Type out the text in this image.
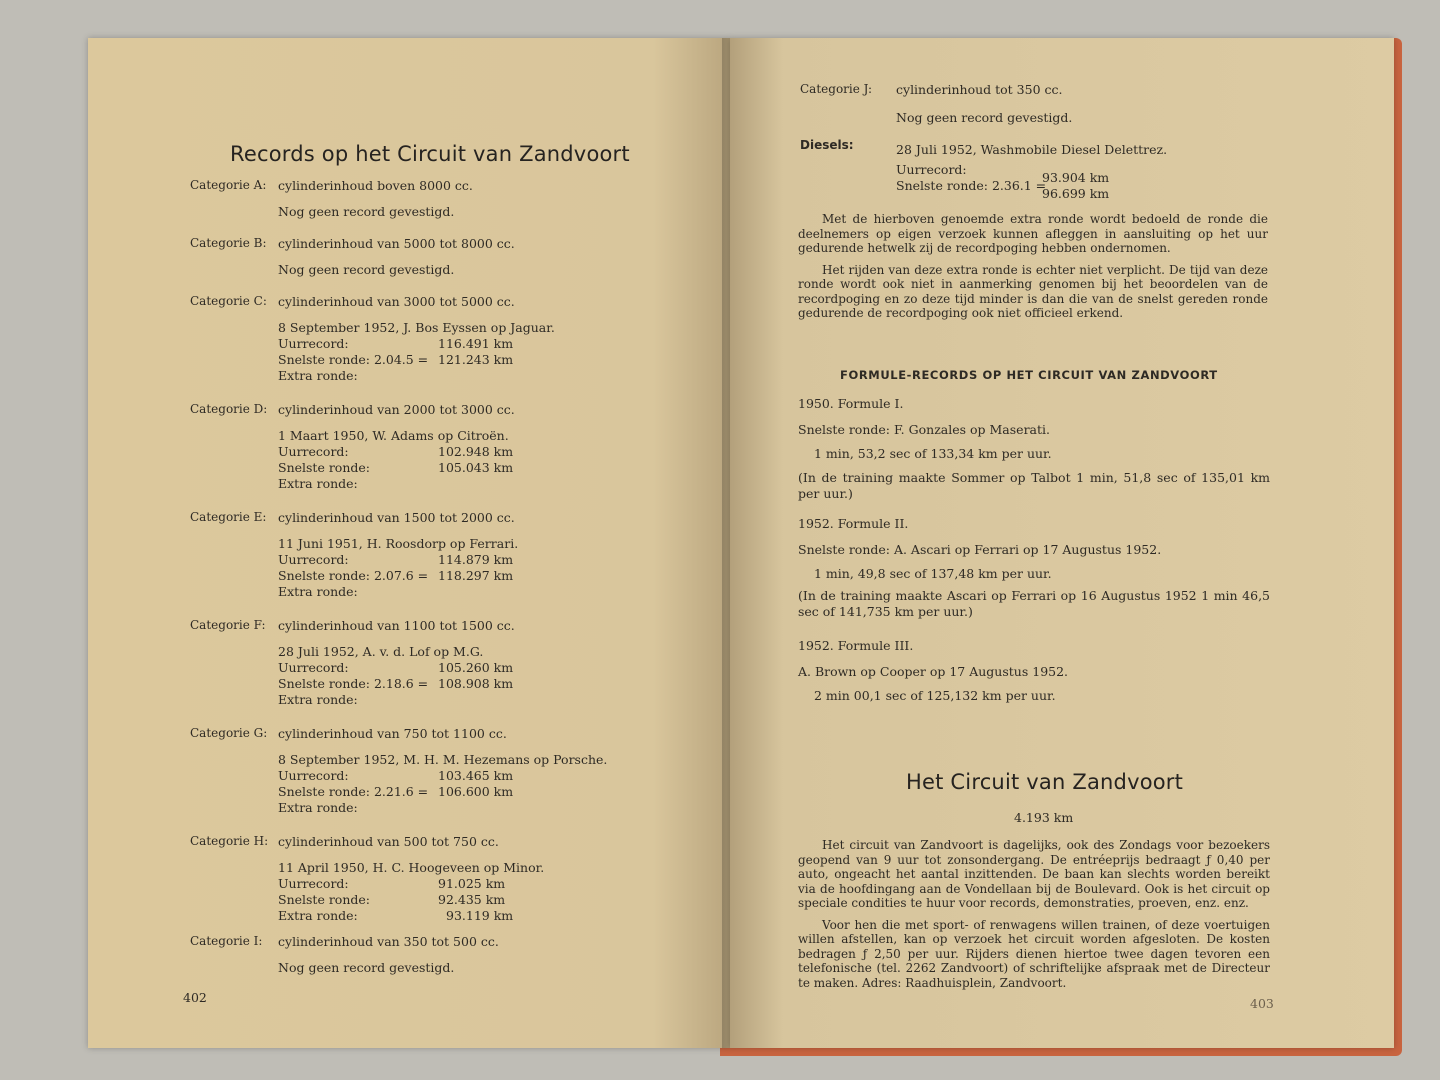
Records op het Circuit van Zandvoort
Categorie A: cylinderinhoud boven 8000 cc.
Nog geen record gevestigd.
Categorie B: cylinderinhoud van 5000 tot 8000 cc.
Nog geen record gevestigd.
Categorie C: cylinderinhoud van 3000 tot 5000 cc.
8 September 1952, J. Bos Eyssen op Jaguar.
Uurrecord:	116.491 km
Snelste ronde: 2.04.5 = 121.243 km
Extra ronde:
Categorie D: cylinderinhoud van 2000 tot 3000 cc.
1 Maart 1950, W. Adams op Citroën.
Uurrecord:	102.948 km
Snelste ronde:	105.043 km
Extra ronde:
Categorie E: cylinderinhoud van 1500 tot 2000 cc.
11 Juni 1951, H. Roosdorp op Ferrari.
Uurrecord:	114.879 km
Snelste ronde: 2.07.6 = 118.297 km
Extra ronde:
Categorie F: cylinderinhoud van 1100 tot 1500 cc.
28 Juli 1952, A. v. d. Lof op M.G.
Uurrecord:	105.260 km
Snelste ronde: 2.18.6 = 108.908 km
Extra ronde:
Categorie G: cylinderinhoud van 750 tot 1100 cc.
8 September 1952, M. H. M. Hezemans op Porsche.
Uurrecord:	103.465 km
Snelste ronde: 2.21.6 = 106.600 km
Extra ronde:
Categorie H: cylinderinhoud van 500 tot 750 cc.
11 April 1950, H. C. Hoogeveen op Minor.
Uurrecord:	91.025 km
Snelste ronde:	92.435 km
Extra ronde:	93.119 km
Categorie I: cylinderinhoud van 350 tot 500 cc.
Nog geen record gevestigd.
402
Categorie J: cylinderinhoud tot 350 cc.
Nog geen record gevestigd.
Diesels:	28 Juli 1952, Washmobile Diesel Delettrez.
Uurrecord:
93.904 km
Snelste ronde: 2.36.1 =
96.699 km

Met de hierboven genoemde extra ronde wordt bedoeld de ronde die deelnemers op eigen verzoek kunnen afleggen in aansluiting op het uur gedurende hetwelk zij de recordpoging hebben ondernomen.

Het rijden van deze extra ronde is echter niet verplicht. De tijd van deze ronde wordt ook niet in aanmerking genomen bij het beoordelen van de recordpoging en zo deze tijd minder is dan die van de snelst gereden ronde gedurende de recordpoging ook niet officieel erkend.

FORMULE-RECORDS OP HET CIRCUIT VAN ZANDVOORT
1950. Formule I.
Snelste ronde: F. Gonzales op Maserati.
1 min, 53,2 sec of 133,34 km per uur.
(In de training maakte Sommer op Talbot 1 min, 51,8 sec of 135,01 km per uur.)
1952. Formule II.
Snelste ronde: A. Ascari op Ferrari op 17 Augustus 1952.
1 min, 49,8 sec of 137,48 km per uur.
(In de training maakte Ascari op Ferrari op 16 Augustus 1952 1 min 46,5 sec of 141,735 km per uur.)
1952. Formule III.
A. Brown op Cooper op 17 Augustus 1952.
2 min 00,1 sec of 125,132 km per uur.
Het Circuit van Zandvoort
4.193 km

Het circuit van Zandvoort is dagelijks, ook des Zondags voor bezoekers geopend van 9 uur tot zonsondergang. De entréeprijs bedraagt ƒ 0,40 per auto, ongeacht het aantal inzittenden. De baan kan slechts worden bereikt via de hoofdingang aan de Vondellaan bij de Boulevard. Ook is het circuit op speciale condities te huur voor records, demonstraties, proeven, enz. enz.

Voor hen die met sport- of renwagens willen trainen, of deze voertuigen willen afstellen, kan op verzoek het circuit worden afgesloten. De kosten bedragen ƒ 2,50 per uur. Rijders dienen hiertoe twee dagen tevoren een telefonische (tel. 2262 Zandvoort) of schriftelijke afspraak met de Directeur te maken. Adres: Raadhuisplein, Zandvoort.

403
